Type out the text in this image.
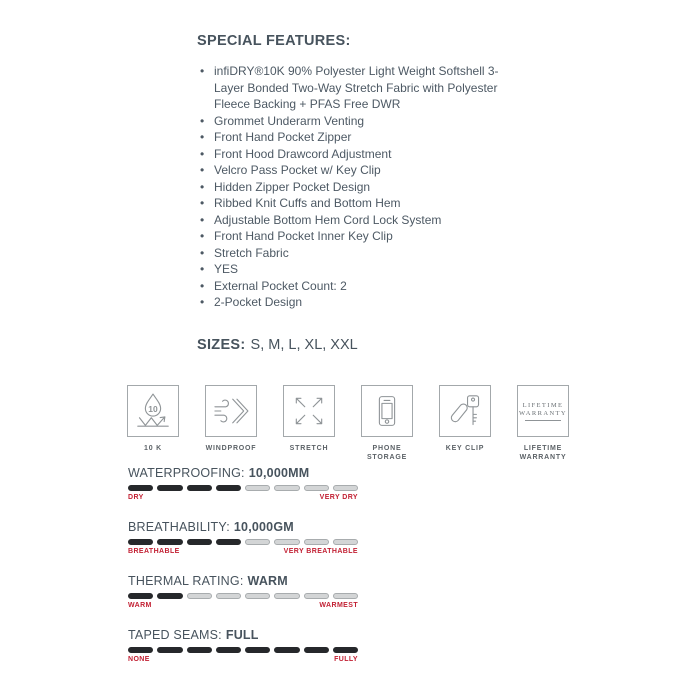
SPECIAL FEATURES:
• infiDRY®10K 90% Polyester Light Weight Softshell 3-Layer Bonded Two-Way Stretch Fabric with Polyester Fleece Backing + PFAS Free DWR
• Grommet Underarm Venting
• Front Hand Pocket Zipper
• Front Hood Drawcord Adjustment
• Velcro Pass Pocket w/ Key Clip
• Hidden Zipper Pocket Design
• Ribbed Knit Cuffs and Bottom Hem
• Adjustable Bottom Hem Cord Lock System
• Front Hand Pocket Inner Key Clip
• Stretch Fabric
• YES
• External Pocket Count: 2
• 2-Pocket Design

SIZES: S, M, L, XL, XXL

10
10 K	WINDPROOF	STRETCH	PHONE STORAGE
KEY CLIP
LIFETIME
WARRANTY
LIFETIME WARRANTY
WATERPROOFING: 10,000MM
DRY	VERY DRY
BREATHABILITY: 10,000GM
BREATHABLE	VERY BREATHABLE
THERMAL RATING: WARM
WARM	WARMEST
TAPED SEAMS: FULL
NONE	FULLY
